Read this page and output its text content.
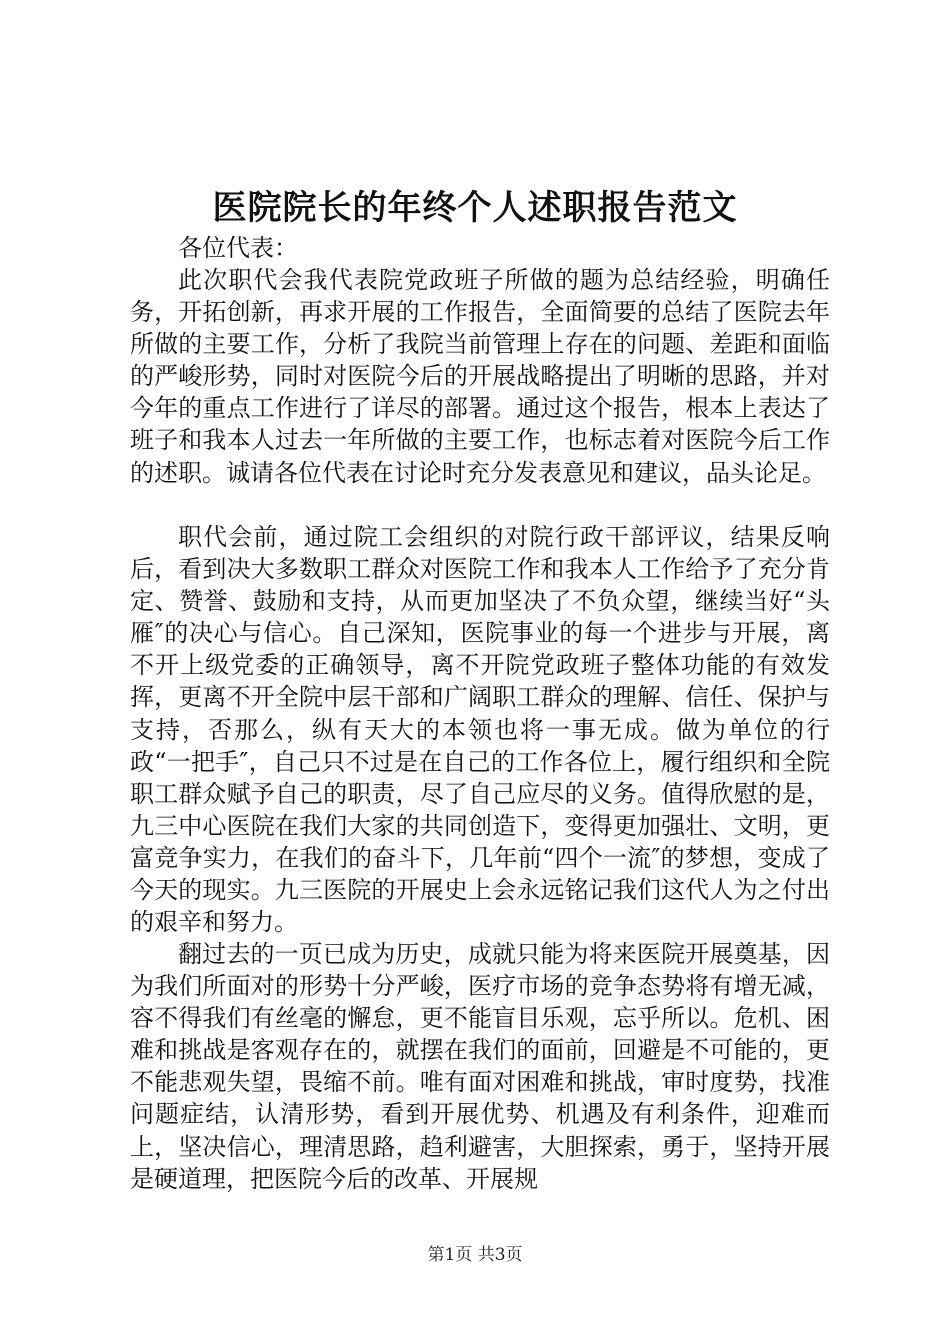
医院院长的年终个人述职报告范文

各位代表：

此次职代会我代表院党政班子所做的题为总结经验，明确任务，开拓创新，再求开展的工作报告，全面简要的总结了医院去年所做的主要工作，分析了我院当前管理上存在的问题、差距和面临的严峻形势，同时对医院今后的开展战略提出了明晰的思路，并对今年的重点工作进行了详尽的部署。通过这个报告，根本上表达了班子和我本人过去一年所做的主要工作，也标志着对医院今后工作的述职。诚请各位代表在讨论时充分发表意见和建议，品头论足。

职代会前，通过院工会组织的对院行政干部评议，结果反响后，看到决大多数职工群众对医院工作和我本人工作给予了充分肯定、赞誉、鼓励和支持，从而更加坚决了不负众望，继续当好“头雁″的决心与信心。自己深知，医院事业的每一个进步与开展，离不开上级党委的正确领导，离不开院党政班子整体功能的有效发挥，更离不开全院中层干部和广阔职工群众的理解、信任、保护与支持，否那么，纵有天大的本领也将一事无成。做为单位的行政“一把手″，自己只不过是在自己的工作各位上，履行组织和全院职工群众赋予自己的职责，尽了自己应尽的义务。值得欣慰的是，九三中心医院在我们大家的共同创造下，变得更加强壮、文明，更富竞争实力，在我们的奋斗下，几年前“四个一流″的梦想，变成了今天的现实。九三医院的开展史上会永远铭记我们这代人为之付出的艰辛和努力。

翻过去的一页已成为历史，成就只能为将来医院开展奠基，因为我们所面对的形势十分严峻，医疗市场的竞争态势将有增无减，容不得我们有丝毫的懈怠，更不能盲目乐观，忘乎所以。危机、困难和挑战是客观存在的，就摆在我们的面前，回避是不可能的，更不能悲观失望，畏缩不前。唯有面对困难和挑战，审时度势，找准问题症结，认清形势，看到开展优势、机遇及有利条件，迎难而上，坚决信心，理清思路，趋利避害，大胆探索，勇于，坚持开展是硬道理，把医院今后的改革、开展规

第1页 共3页
